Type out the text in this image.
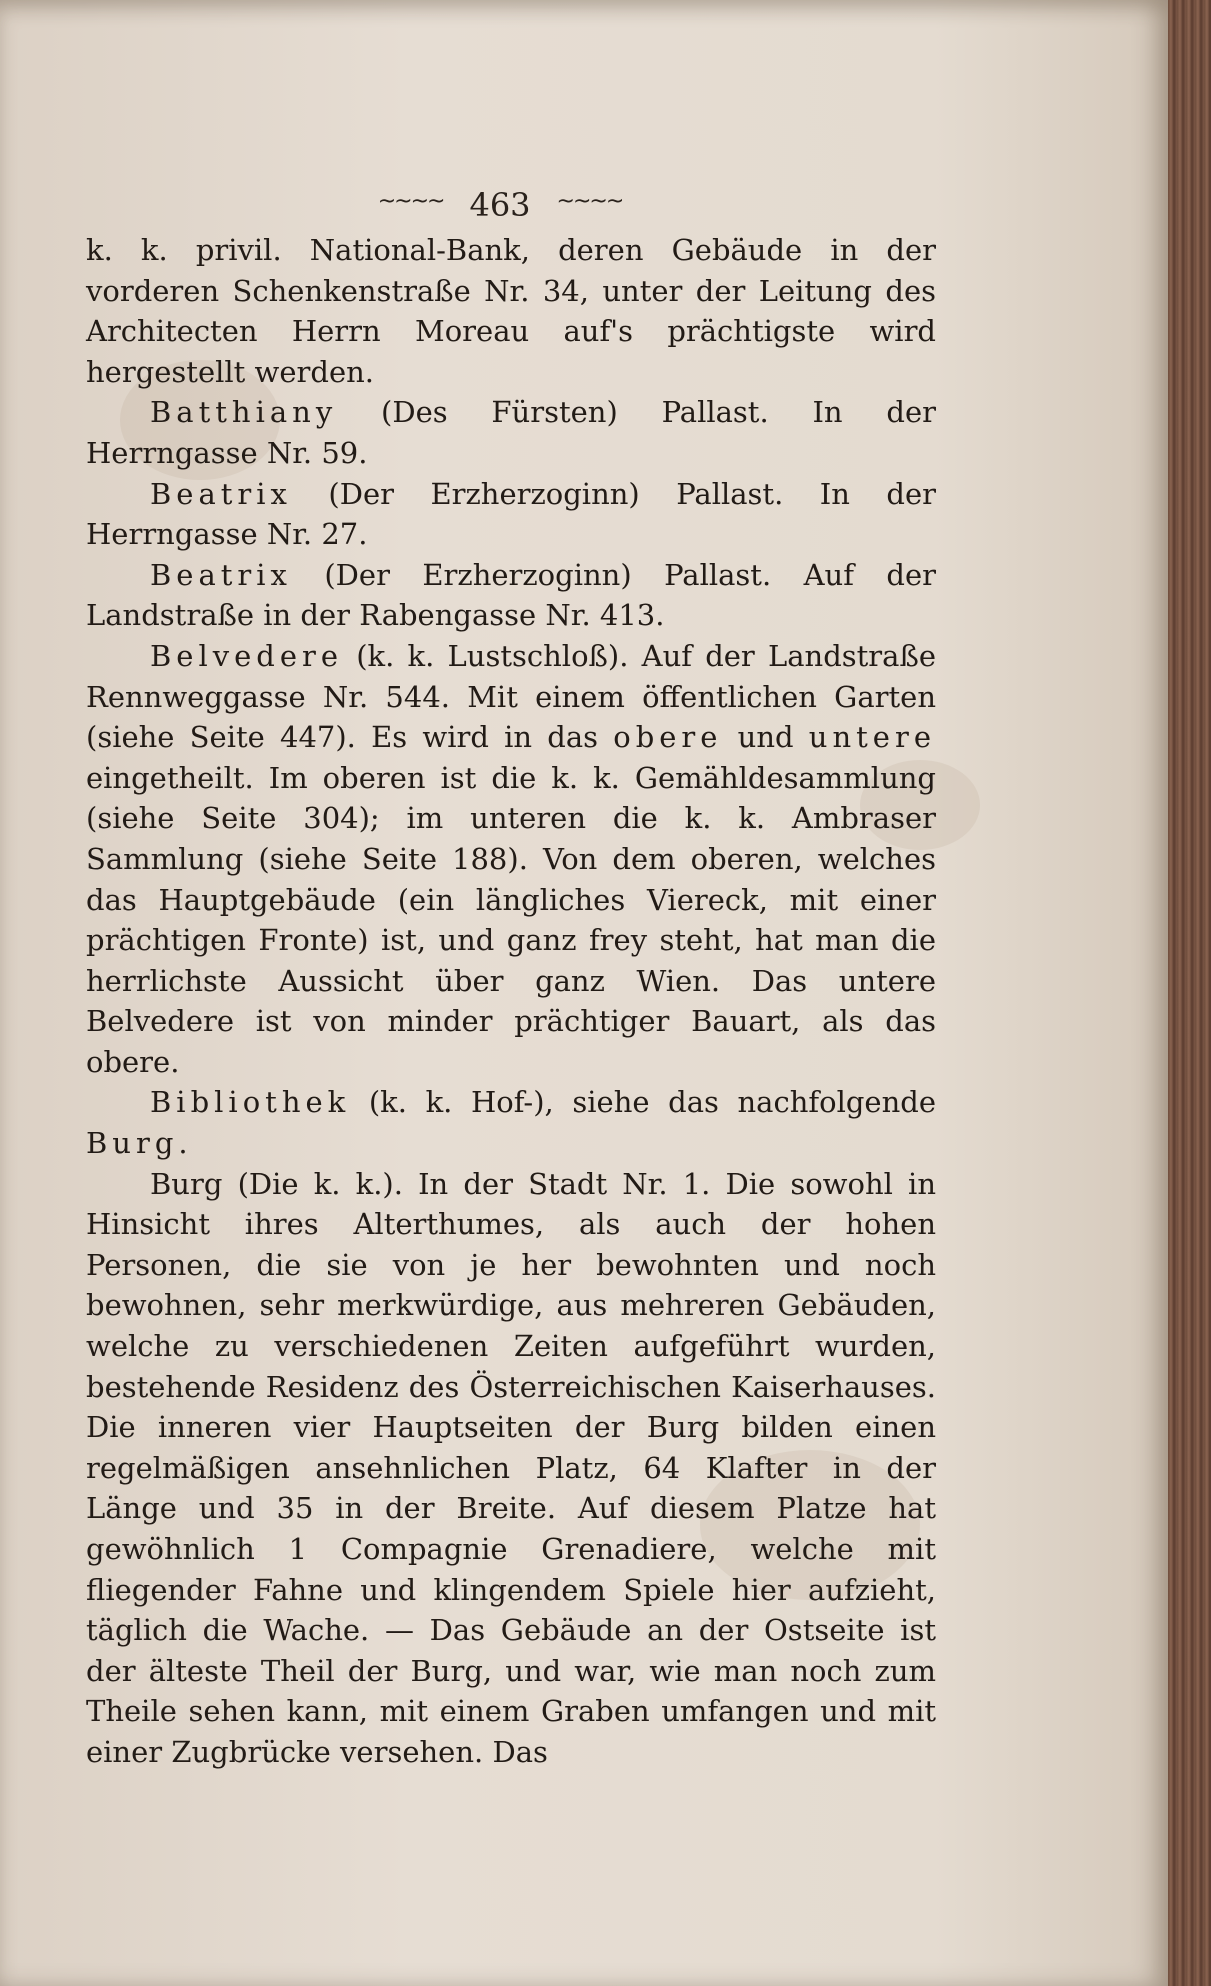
~~~~ 463 ~~~~

k. k. privil. National-Bank, deren Gebäude in der vorderen Schenkenstraße Nr. 34, unter der Leitung des Architecten Herrn Moreau auf's prächtigste wird hergestellt werden.

Batthiany (Des Fürsten) Pallast. In der Herrngasse Nr. 59.

Beatrix (Der Erzherzoginn) Pallast. In der Herrngasse Nr. 27.

Beatrix (Der Erzherzoginn) Pallast. Auf der Landstraße in der Rabengasse Nr. 413.

Belvedere (k. k. Lustschloß). Auf der Landstraße Rennweggasse Nr. 544. Mit einem öffentlichen Garten (siehe Seite 447). Es wird in das obere und untere eingetheilt. Im oberen ist die k. k. Gemähldesammlung (siehe Seite 304); im unteren die k. k. Ambraser Sammlung (siehe Seite 188). Von dem oberen, welches das Hauptgebäude (ein längliches Viereck, mit einer prächtigen Fronte) ist, und ganz frey steht, hat man die herrlichste Aussicht über ganz Wien. Das untere Belvedere ist von minder prächtiger Bauart, als das obere.

Bibliothek (k. k. Hof-), siehe das nachfolgende Burg.

Burg (Die k. k.). In der Stadt Nr. 1. Die sowohl in Hinsicht ihres Alterthumes, als auch der hohen Personen, die sie von je her bewohnten und noch bewohnen, sehr merkwürdige, aus mehreren Gebäuden, welche zu verschiedenen Zeiten aufgeführt wurden, bestehende Residenz des Österreichischen Kaiserhauses. Die inneren vier Hauptseiten der Burg bilden einen regelmäßigen ansehnlichen Platz, 64 Klafter in der Länge und 35 in der Breite. Auf diesem Platze hat gewöhnlich 1 Compagnie Grenadiere, welche mit fliegender Fahne und klingendem Spiele hier aufzieht, täglich die Wache. — Das Gebäude an der Ostseite ist der älteste Theil der Burg, und war, wie man noch zum Theile sehen kann, mit einem Graben umfangen und mit einer Zugbrücke versehen. Das
